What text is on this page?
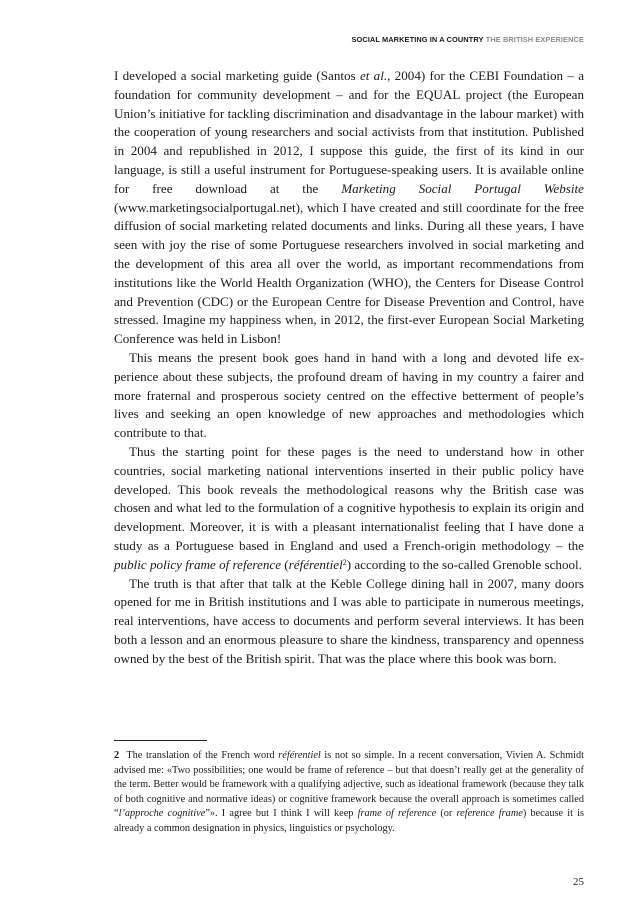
SOCIAL MARKETING IN A COUNTRY THE BRITISH EXPERIENCE

I developed a social marketing guide (Santos et al., 2004) for the CEBI Foundation – a foundation for community development – and for the EQUAL project (the European Union’s initiative for tackling discrimination and disadvantage in the labour market) with the cooperation of young researchers and social activists from that institution. Published in 2004 and republished in 2012, I suppose this guide, the first of its kind in our language, is still a useful instrument for Portuguese-speaking users. It is available online for free download at the Marketing Social Portugal Website (www.marketingsocialportugal.net), which I have created and still coordinate for the free diffusion of social marketing related documents and links. During all these years, I have seen with joy the rise of some Portuguese researchers involved in social marketing and the development of this area all over the world, as important recommendations from institutions like the World Health Organization (WHO), the Centers for Disease Control and Prevention (CDC) or the European Centre for Disease Prevention and Control, have stressed. Imagine my happiness when, in 2012, the first-ever European Social Marketing Conference was held in Lisbon!

This means the present book goes hand in hand with a long and devoted life experience about these subjects, the profound dream of having in my country a fairer and more fraternal and prosperous society centred on the effective betterment of people’s lives and seeking an open knowledge of new approaches and methodologies which contribute to that.

Thus the starting point for these pages is the need to understand how in other countries, social marketing national interventions inserted in their public policy have developed. This book reveals the methodological reasons why the British case was chosen and what led to the formulation of a cognitive hypothesis to explain its origin and development. Moreover, it is with a pleasant internationalist feeling that I have done a study as a Portuguese based in England and used a French-origin methodology – the public policy frame of reference (référentiel$^2$) according to the so-called Grenoble school.

The truth is that after that talk at the Keble College dining hall in 2007, many doors opened for me in British institutions and I was able to participate in numerous meetings, real interventions, have access to documents and perform several interviews. It has been both a lesson and an enormous pleasure to share the kindness, transparency and openness owned by the best of the British spirit. That was the place where this book was born.

2 The translation of the French word référentiel is not so simple. In a recent conversation, Vivien A. Schmidt advised me: «Two possibilities; one would be frame of reference – but that doesn’t really get at the generality of the term. Better would be framework with a qualifying adjective, such as ideational framework (because they talk of both cognitive and normative ideas) or cognitive framework because the overall approach is sometimes called “l’approche cognitive”». I agree but I think I will keep frame of reference (or reference frame) because it is already a common designation in physics, linguistics or psychology.

25
